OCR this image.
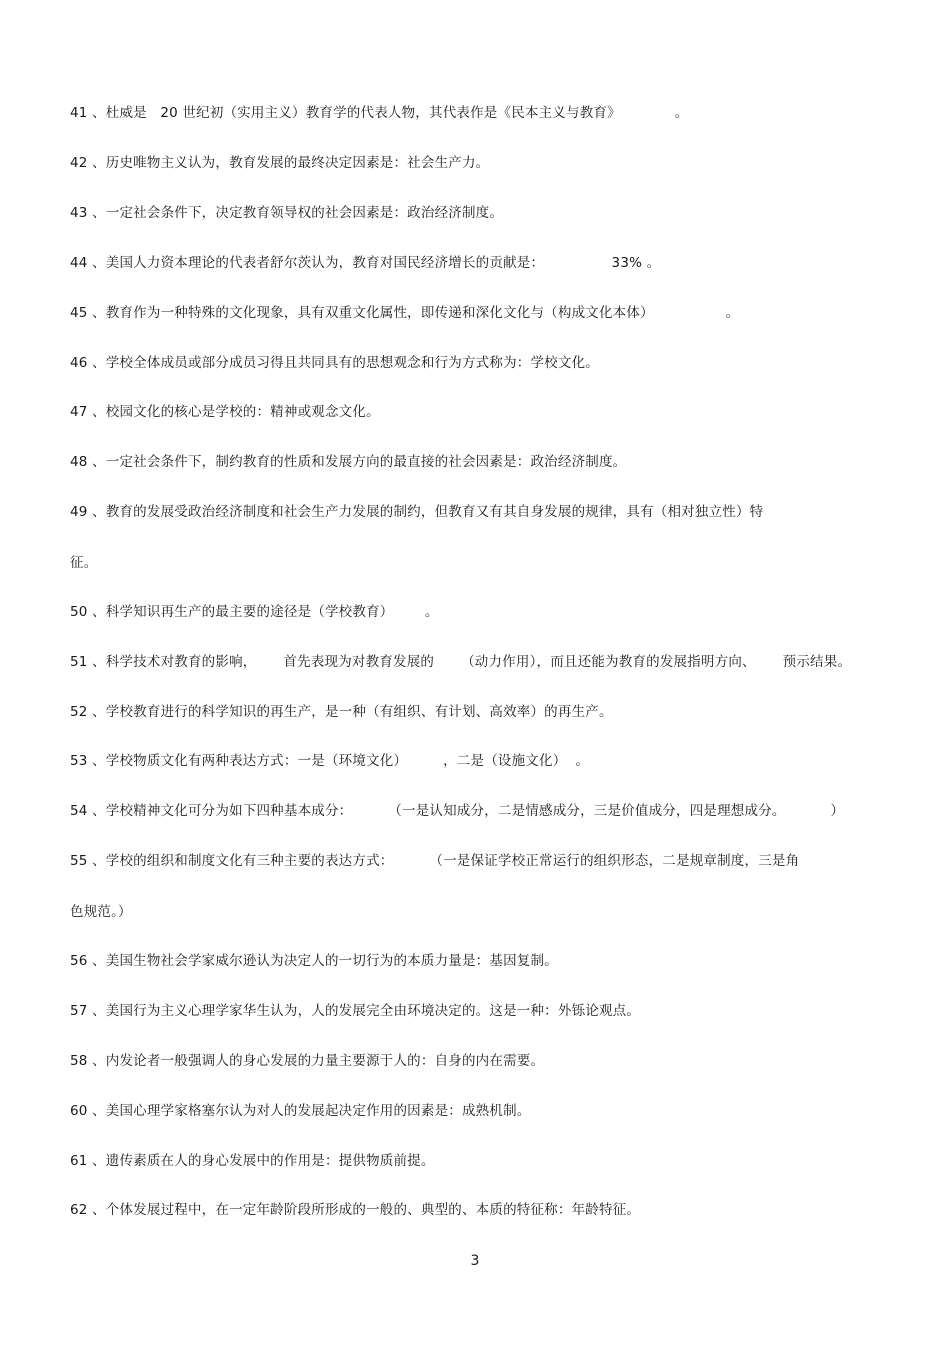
41 、杜威是   20 世纪初（实用主义）教育学的代表人物，其代表作是《民本主义与教育》            。
42 、历史唯物主义认为，教育发展的最终决定因素是：社会生产力。
43 、一定社会条件下，决定教育领导权的社会因素是：政治经济制度。
44 、美国人力资本理论的代表者舒尔茨认为，教育对国民经济增长的贡献是：               33% 。
45 、教育作为一种特殊的文化现象，具有双重文化属性，即传递和深化文化与（构成文化本体）                。
46 、学校全体成员或部分成员习得且共同具有的思想观念和行为方式称为：学校文化。
47 、校园文化的核心是学校的：精神或观念文化。
48 、一定社会条件下，制约教育的性质和发展方向的最直接的社会因素是：政治经济制度。
49 、教育的发展受政治经济制度和社会生产力发展的制约，但教育又有其自身发展的规律，具有（相对独立性）特
征。
50 、科学知识再生产的最主要的途径是（学校教育）       。
51 、科学技术对教育的影响，      首先表现为对教育发展的      （动力作用），而且还能为教育的发展指明方向、      预示结果。
52 、学校教育进行的科学知识的再生产，是一种（有组织、有计划、高效率）的再生产。
53 、学校物质文化有两种表达方式：一是（环境文化）        ，二是（设施文化）  。
54 、学校精神文化可分为如下四种基本成分：        （一是认知成分，二是情感成分，三是价值成分，四是理想成分。          ）
55 、学校的组织和制度文化有三种主要的表达方式：        （一是保证学校正常运行的组织形态，二是规章制度，三是角
色规范。）
56 、美国生物社会学家威尔逊认为决定人的一切行为的本质力量是：基因复制。
57 、美国行为主义心理学家华生认为，人的发展完全由环境决定的。这是一种：外铄论观点。
58 、内发论者一般强调人的身心发展的力量主要源于人的：自身的内在需要。
60 、美国心理学家格塞尔认为对人的发展起决定作用的因素是：成熟机制。
61 、遗传素质在人的身心发展中的作用是：提供物质前提。
62 、个体发展过程中，在一定年龄阶段所形成的一般的、典型的、本质的特征称：年龄特征。
3
